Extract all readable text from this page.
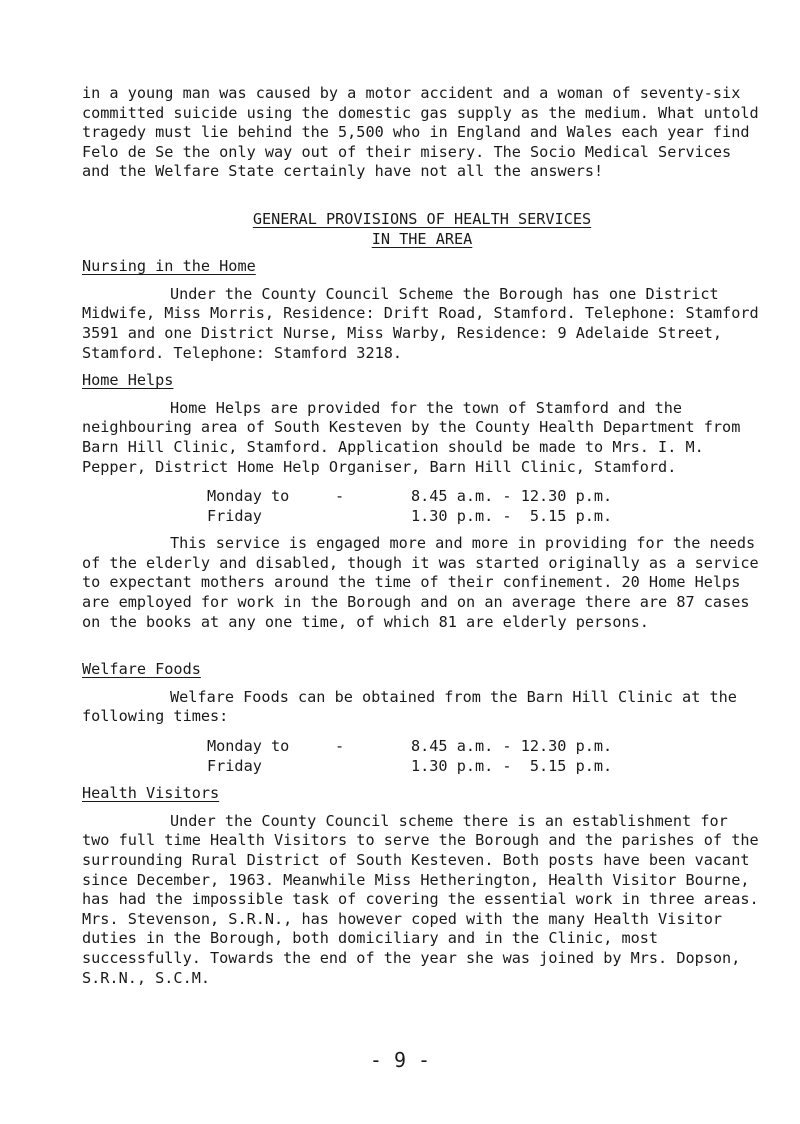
in a young man was caused by a motor accident and a woman of seventy-six committed suicide using the domestic gas supply as the medium. What untold tragedy must lie behind the 5,500 who in England and Wales each year find Felo de Se the only way out of their misery. The Socio Medical Services and the Welfare State certainly have not all the answers!

GENERAL PROVISIONS OF HEALTH SERVICES
IN THE AREA
Nursing in the Home

Under the County Council Scheme the Borough has one District Midwife, Miss Morris, Residence: Drift Road, Stamford. Telephone: Stamford 3591 and one District Nurse, Miss Warby, Residence: 9 Adelaide Street, Stamford. Telephone: Stamford 3218.

Home Helps

Home Helps are provided for the town of Stamford and the neighbouring area of South Kesteven by the County Health Department from Barn Hill Clinic, Stamford. Application should be made to Mrs. I. M. Pepper, District Home Help Organiser, Barn Hill Clinic, Stamford.

Monday to	-	8.45 a.m. - 12.30 p.m.
Friday	1.30 p.m. -  5.15 p.m.

This service is engaged more and more in providing for the needs of the elderly and disabled, though it was started originally as a service to expectant mothers around the time of their confinement. 20 Home Helps are employed for work in the Borough and on an average there are 87 cases on the books at any one time, of which 81 are elderly persons.

Welfare Foods

Welfare Foods can be obtained from the Barn Hill Clinic at the following times:

Monday to	-	8.45 a.m. - 12.30 p.m.
Friday	1.30 p.m. -  5.15 p.m.
Health Visitors

Under the County Council scheme there is an establishment for two full time Health Visitors to serve the Borough and the parishes of the surrounding Rural District of South Kesteven. Both posts have been vacant since December, 1963. Meanwhile Miss Hetherington, Health Visitor Bourne, has had the impossible task of covering the essential work in three areas. Mrs. Stevenson, S.R.N., has however coped with the many Health Visitor duties in the Borough, both domiciliary and in the Clinic, most successfully. Towards the end of the year she was joined by Mrs. Dopson, S.R.N., S.C.M.

- 9 -
